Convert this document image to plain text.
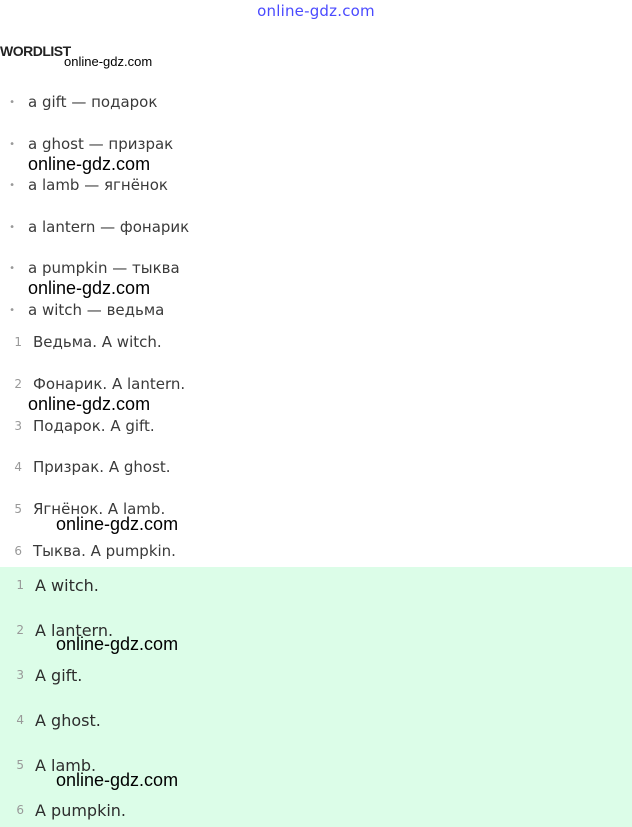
online-gdz.com
WORDLIST
online-gdz.com
• a gift — подарок
• a ghost — призрак
online-gdz.com
• a lamb — ягнёнок
• a lantern — фонарик
• a pumpkin — тыква
online-gdz.com
• a witch — ведьма
1 Ведьма. A witch.
2 Фонарик. A lantern.
online-gdz.com
3 Подарок. A gift.
4 Призрак. A ghost.
5 Ягнёнок. A lamb.
online-gdz.com
6 Тыква. A pumpkin.
1 A witch.
2 A lantern.
online-gdz.com
3 A gift.
4 A ghost.
5 A lamb.
online-gdz.com
6 A pumpkin.
